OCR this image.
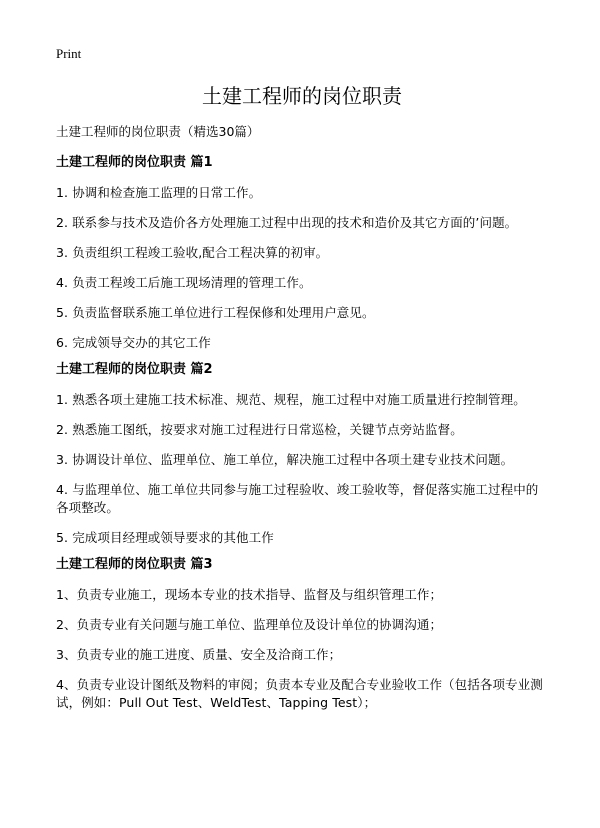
Print
土建工程师的岗位职责

土建工程师的岗位职责（精选30篇）

土建工程师的岗位职责 篇1

1. 协调和检查施工监理的日常工作。

2. 联系参与技术及造价各方处理施工过程中出现的技术和造价及其它方面的’问题。

3. 负责组织工程竣工验收,配合工程决算的初审。

4. 负责工程竣工后施工现场清理的管理工作。

5. 负责监督联系施工单位进行工程保修和处理用户意见。

6. 完成领导交办的其它工作

土建工程师的岗位职责 篇2

1. 熟悉各项土建施工技术标准、规范、规程，施工过程中对施工质量进行控制管理。

2. 熟悉施工图纸，按要求对施工过程进行日常巡检，关键节点旁站监督。

3. 协调设计单位、监理单位、施工单位，解决施工过程中各项土建专业技术问题。

4. 与监理单位、施工单位共同参与施工过程验收、竣工验收等，督促落实施工过程中的各项整改。

5. 完成项目经理或领导要求的其他工作

土建工程师的岗位职责 篇3

1、负责专业施工，现场本专业的技术指导、监督及与组织管理工作；

2、负责专业有关问题与施工单位、监理单位及设计单位的协调沟通；

3、负责专业的施工进度、质量、安全及洽商工作；

4、负责专业设计图纸及物料的审阅；负责本专业及配合专业验收工作（包括各项专业测试，例如：Pull Out Test、WeldTest、Tapping Test）；
